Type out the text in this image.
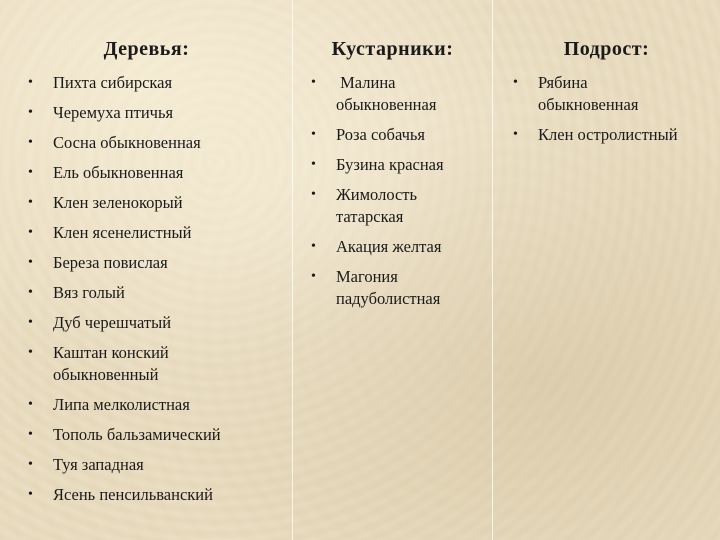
Деревья:
• Пихта сибирская
• Черемуха птичья
• Сосна обыкновенная
• Ель обыкновенная
• Клен зеленокорый
• Клен ясенелистный
• Береза повислая
• Вяз голый
• Дуб черешчатый
• Каштан конский обыкновенный
• Липа мелколистная
• Тополь бальзамический
• Туя западная
• Ясень пенсильванский
Кустарники:
• Малина обыкновенная
• Роза собачья
• Бузина красная
• Жимолость татарская
• Акация желтая
• Магония падуболистная
Подрост:
• Рябина обыкновенная
• Клен остролистный
